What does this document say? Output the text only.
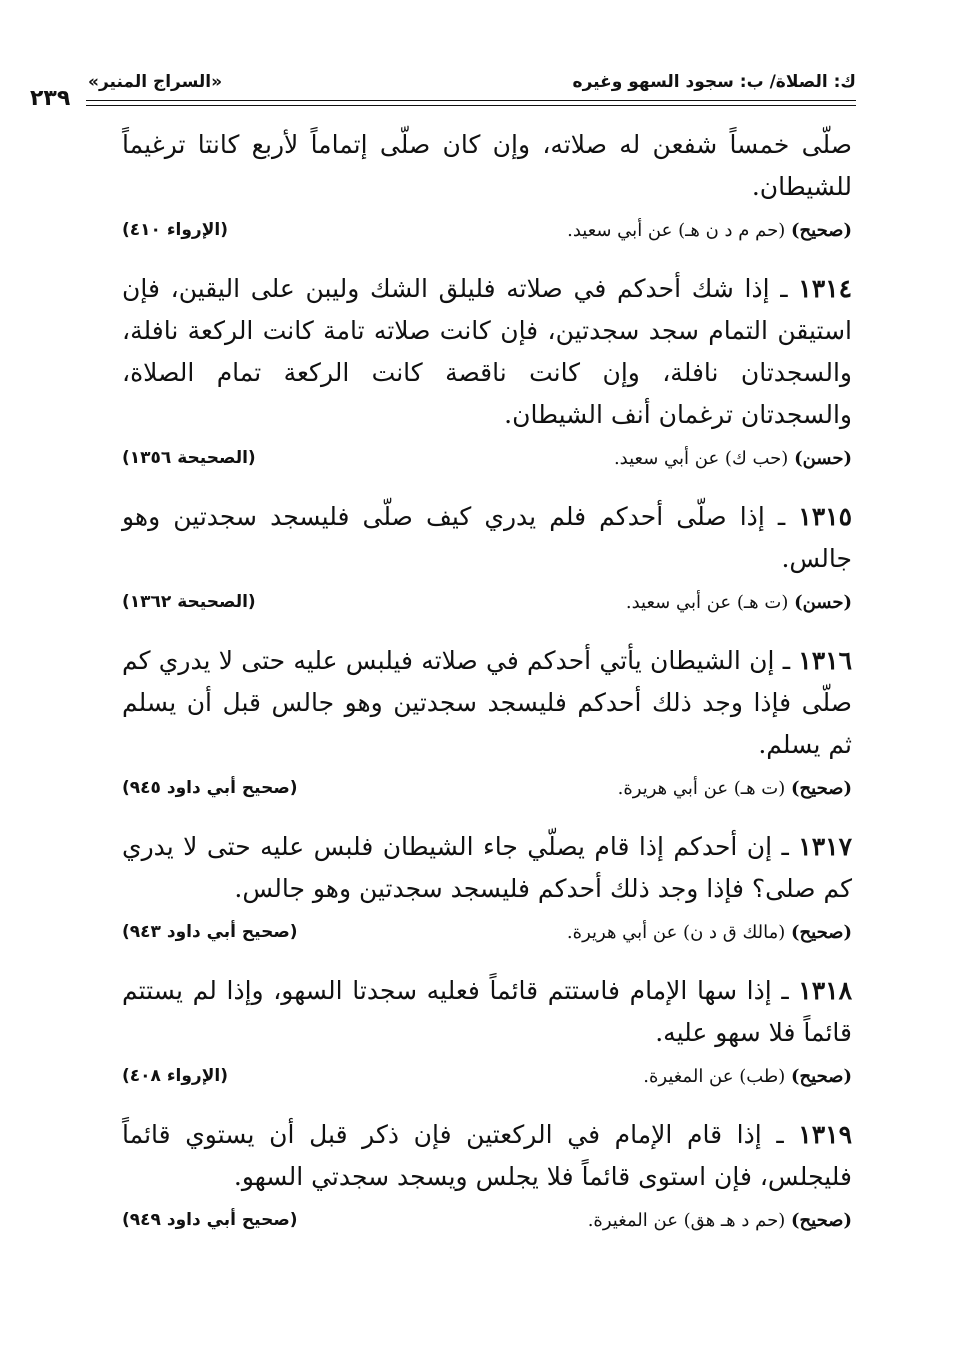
ك: الصلاة/ ب: سجود السهو وغيره
«السراج المنير»
٢٣٩

صلّى خمساً شفعن له صلاته، وإن كان صلّى إتماماً لأربع كانتا ترغيماً للشيطان.

(صحيح) (حم م د ن هـ) عن أبي سعيد.
(الإرواء ٤١٠)

١٣١٤ ـ إذا شك أحدكم في صلاته فليلق الشك وليبن على اليقين، فإن استيقن التمام سجد سجدتين، فإن كانت صلاته تامة كانت الركعة نافلة، والسجدتان نافلة، وإن كانت ناقصة كانت الركعة تمام الصلاة، والسجدتان ترغمان أنف الشيطان.

(حسن) (حب ك) عن أبي سعيد.
(الصحيحة ١٣٥٦)

١٣١٥ ـ إذا صلّى أحدكم فلم يدري كيف صلّى فليسجد سجدتين وهو جالس.

(حسن) (ت هـ) عن أبي سعيد.
(الصحيحة ١٣٦٢)

١٣١٦ ـ إن الشيطان يأتي أحدكم في صلاته فيلبس عليه حتى لا يدري كم صلّى فإذا وجد ذلك أحدكم فليسجد سجدتين وهو جالس قبل أن يسلم ثم يسلم.

(صحيح) (ت هـ) عن أبي هريرة.
(صحيح أبي داود ٩٤٥)

١٣١٧ ـ إن أحدكم إذا قام يصلّي جاء الشيطان فلبس عليه حتى لا يدري كم صلى؟ فإذا وجد ذلك أحدكم فليسجد سجدتين وهو جالس.

(صحيح) (مالك ق د ن) عن أبي هريرة.
(صحيح أبي داود ٩٤٣)

١٣١٨ ـ إذا سها الإمام فاستتم قائماً فعليه سجدتا السهو، وإذا لم يستتم قائماً فلا سهو عليه.

(صحيح) (طب) عن المغيرة.
(الإرواء ٤٠٨)

١٣١٩ ـ إذا قام الإمام في الركعتين فإن ذكر قبل أن يستوي قائماً فليجلس، فإن استوى قائماً فلا يجلس ويسجد سجدتي السهو.

(صحيح) (حم د هـ هق) عن المغيرة.
(صحيح أبي داود ٩٤٩)
